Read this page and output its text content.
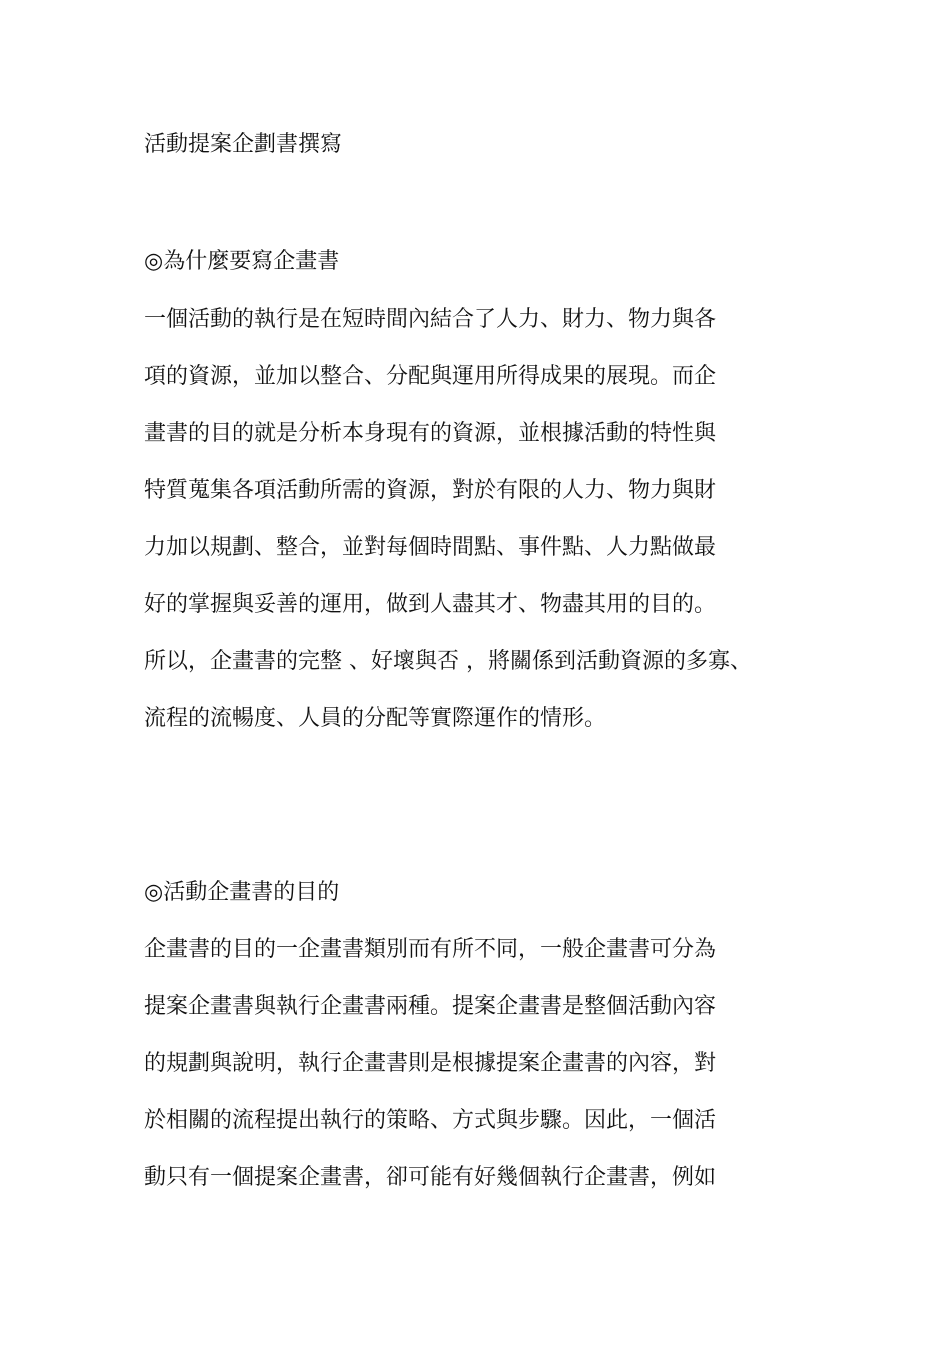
活動提案企劃書撰寫

◎為什麼要寫企畫書

一個活動的執行是在短時間內結合了人力、財力、物力與各

項的資源，並加以整合、分配與運用所得成果的展現。而企

畫書的目的就是分析本身現有的資源，並根據活動的特性與

特質蒐集各項活動所需的資源，對於有限的人力、物力與財

力加以規劃、整合，並對每個時間點、事件點、人力點做最

好的掌握與妥善的運用，做到人盡其才、物盡其用的目的。

所以，企畫書的完整 、好壞與否 ，將關係到活動資源的多寡、

流程的流暢度、人員的分配等實際運作的情形。

◎活動企畫書的目的

企畫書的目的一企畫書類別而有所不同，一般企畫書可分為

提案企畫書與執行企畫書兩種。提案企畫書是整個活動內容

的規劃與說明，執行企畫書則是根據提案企畫書的內容，對

於相關的流程提出執行的策略、方式與步驟。因此，一個活

動只有一個提案企畫書，卻可能有好幾個執行企畫書，例如
